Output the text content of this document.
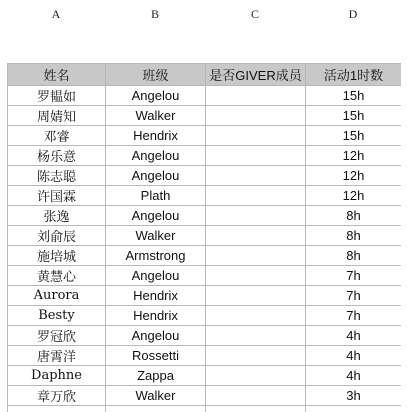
A	B	C	D
姓名	班级	是否GIVER成员	活动1时数
罗韫如	Angelou		15h
周婧知	Walker		15h
邓睿	Hendrix		15h
杨乐意	Angelou		12h
陈志聪	Angelou		12h
许国霖	Plath		12h
张逸	Angelou		8h
刘俞辰	Walker		8h
施培城	Armstrong		8h
黄慧心	Angelou		7h
Aurora	Hendrix		7h
Besty	Hendrix		7h
罗冠欣	Angelou		4h
唐霄洋	Rossetti		4h
Daphne	Zappa		4h
章万欣	Walker		3h
